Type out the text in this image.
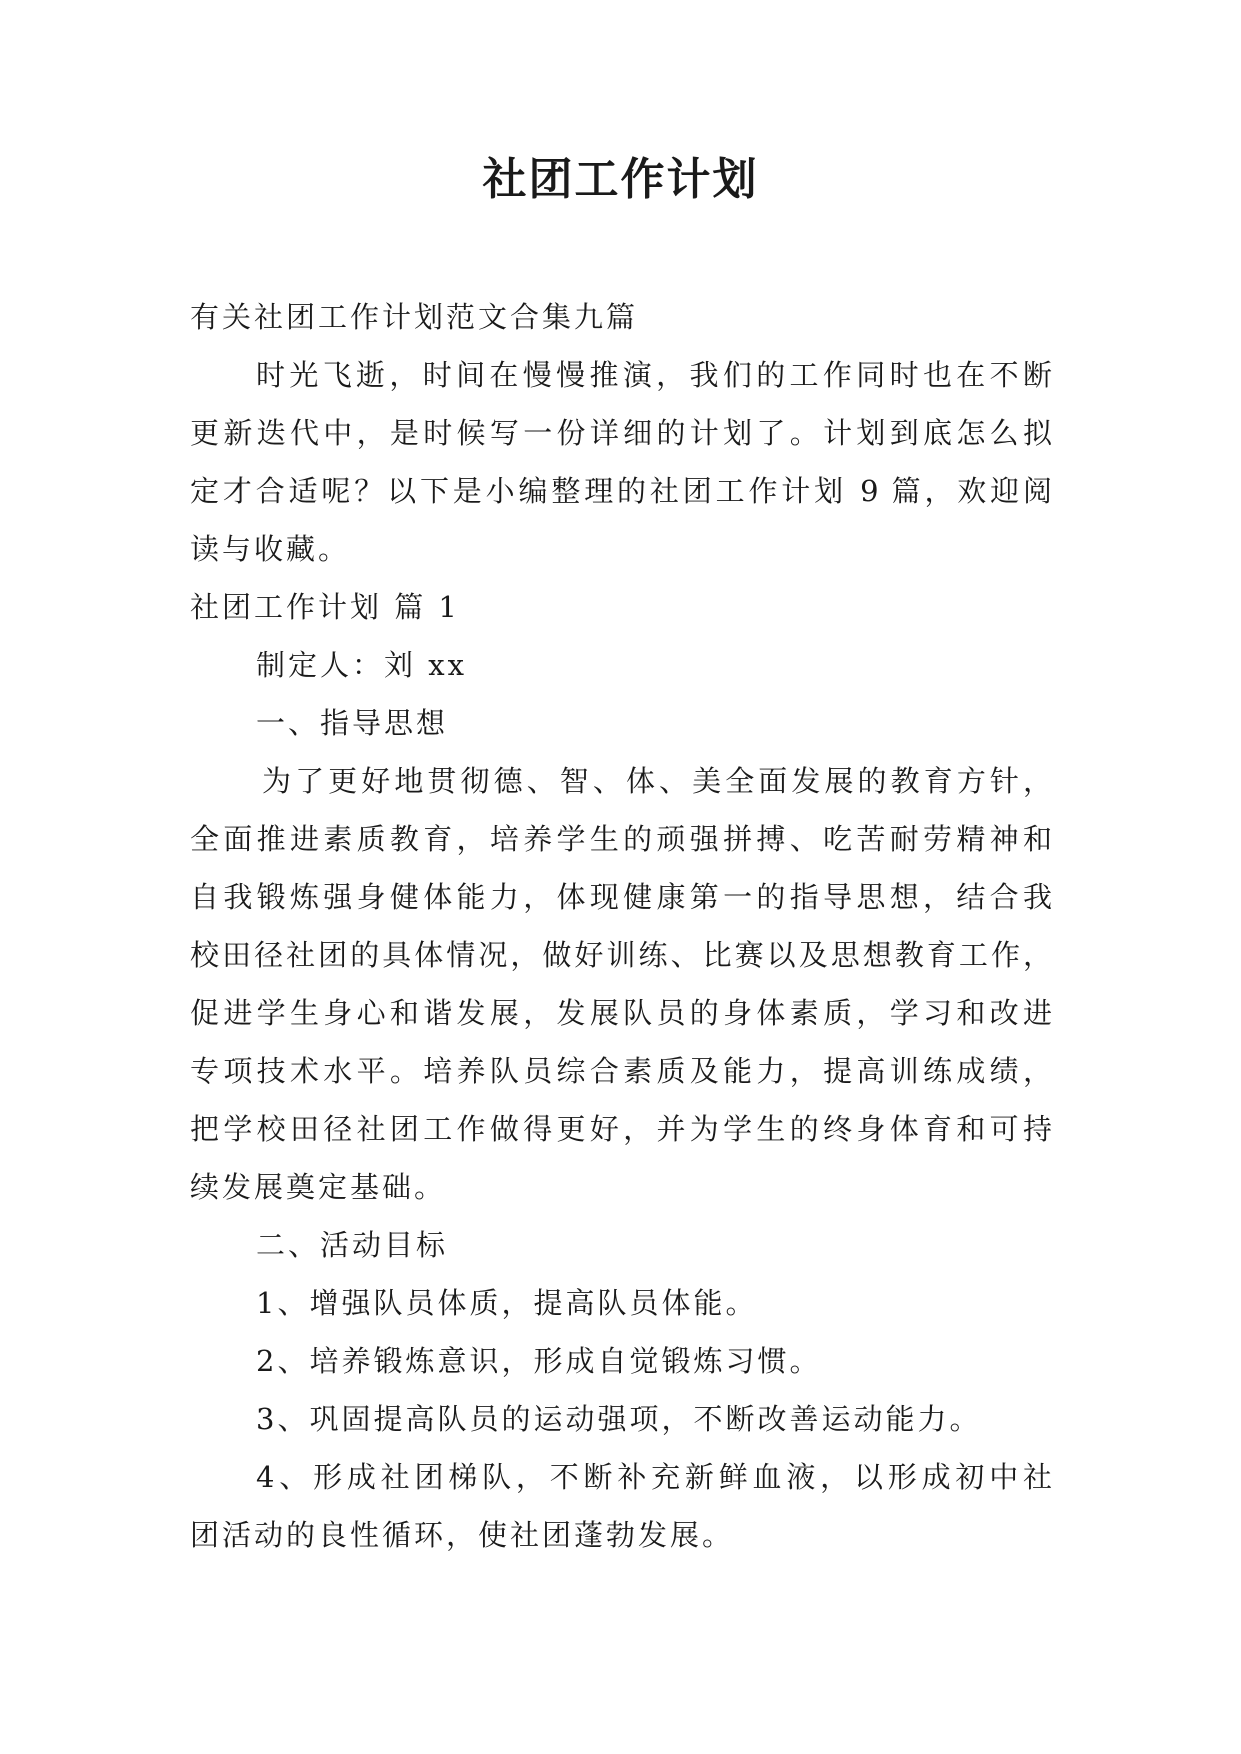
社团工作计划

有关社团工作计划范文合集九篇

时光飞逝，时间在慢慢推演，我们的工作同时也在不断

更新迭代中，是时候写一份详细的计划了。计划到底怎么拟

定才合适呢？以下是小编整理的社团工作计划 9 篇，欢迎阅

读与收藏。

社团工作计划 篇 1

制定人：刘 xx

一、指导思想

为了更好地贯彻德、智、体、美全面发展的教育方针，

全面推进素质教育，培养学生的顽强拼搏、吃苦耐劳精神和

自我锻炼强身健体能力，体现健康第一的指导思想，结合我

校田径社团的具体情况，做好训练、比赛以及思想教育工作，

促进学生身心和谐发展，发展队员的身体素质，学习和改进

专项技术水平。培养队员综合素质及能力，提高训练成绩，

把学校田径社团工作做得更好，并为学生的终身体育和可持

续发展奠定基础。

二、活动目标

1、增强队员体质，提高队员体能。

2、培养锻炼意识，形成自觉锻炼习惯。

3、巩固提高队员的运动强项，不断改善运动能力。

4、形成社团梯队，不断补充新鲜血液，以形成初中社

团活动的良性循环，使社团蓬勃发展。
